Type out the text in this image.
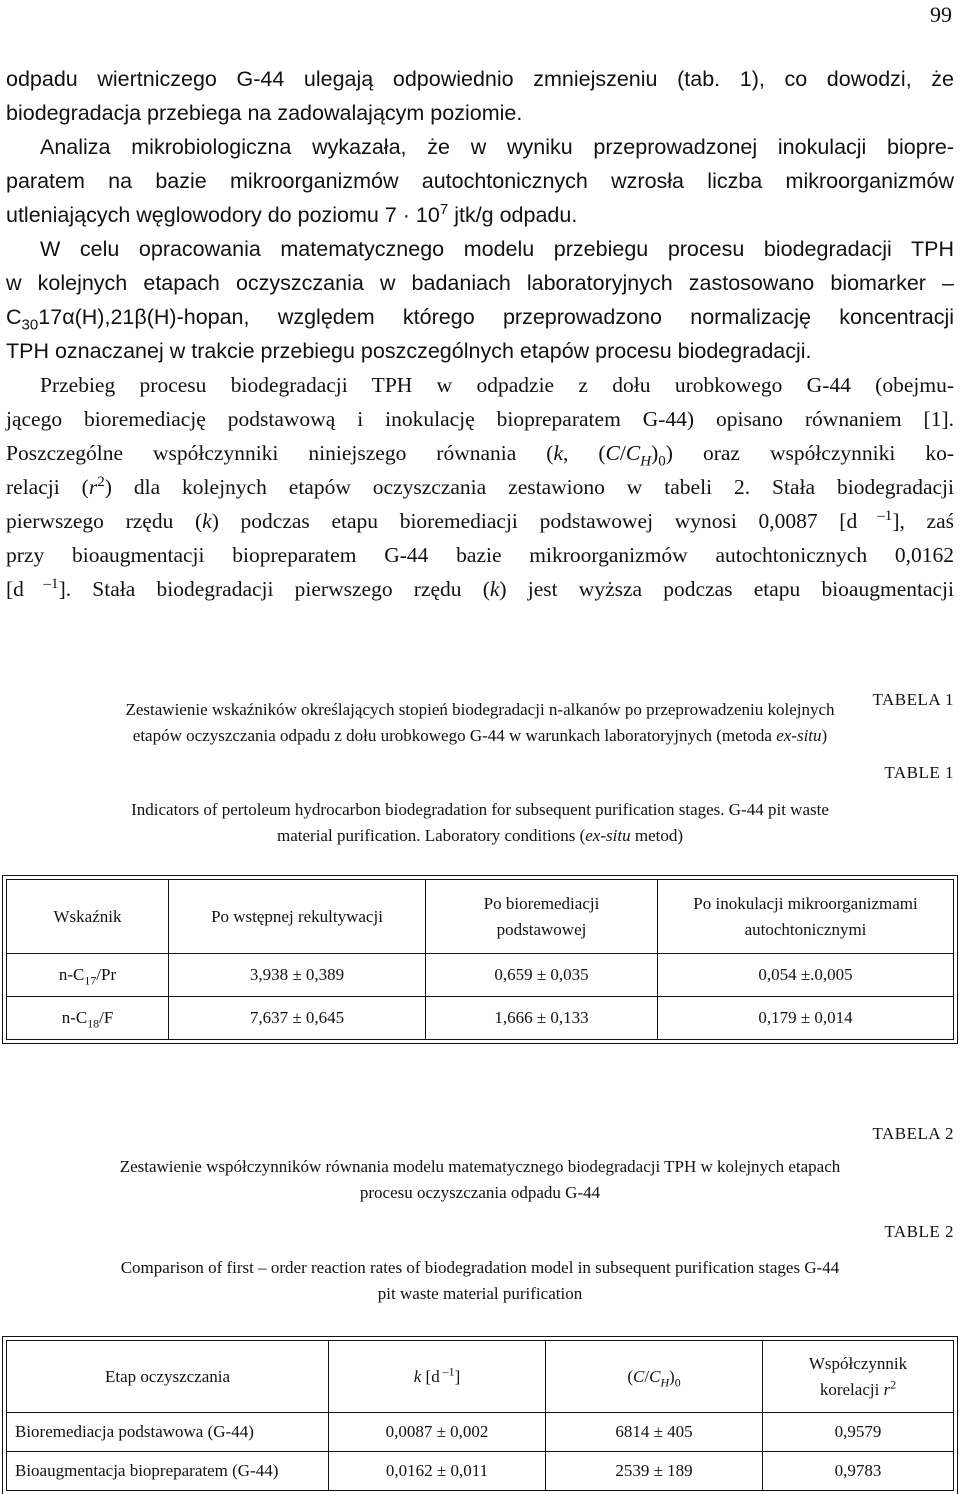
99

odpadu wiertniczego G-44 ulegają odpowiednio zmniejszeniu (tab. 1), co dowodzi, że

biodegradacja przebiega na zadowalającym poziomie.

Analiza mikrobiologiczna wykazała, że w wyniku przeprowadzonej inokulacji biopre-

paratem na bazie mikroorganizmów autochtonicznych wzrosła liczba mikroorganizmów

utleniających węglowodory do poziomu $7 \cdot 10^7$ jtk/g odpadu.

W celu opracowania matematycznego modelu przebiegu procesu biodegradacji TPH

w kolejnych etapach oczyszczania w badaniach laboratoryjnych zastosowano biomarker –

$C_{30}17\alpha(H),21\beta(H)$-hopan, względem którego przeprowadzono normalizację koncentracji

TPH oznaczanej w trakcie przebiegu poszczególnych etapów procesu biodegradacji.

Przebieg procesu biodegradacji TPH w odpadzie z dołu urobkowego G-44 (obejmu-

jącego bioremediację podstawową i inokulację biopreparatem G-44) opisano równaniem [1].

Poszczególne współczynniki niniejszego równania (k, $(C/C_H)_0$) oraz współczynniki ko-

relacji $(r^2)$ dla kolejnych etapów oczyszczania zestawiono w tabeli 2. Stała biodegradacji

pierwszego rzędu (k) podczas etapu bioremediacji podstawowej wynosi 0,0087 [d $^{-1}$], zaś

przy bioaugmentacji biopreparatem G-44 bazie mikroorganizmów autochtonicznych 0,0162

[d $^{-1}$]. Stała biodegradacji pierwszego rzędu (k) jest wyższa podczas etapu bioaugmentacji

TABELA 1
Zestawienie wskaźników określających stopień biodegradacji n-alkanów po przeprowadzeniu kolejnych
etapów oczyszczania odpadu z dołu urobkowego G-44 w warunkach laboratoryjnych (metoda ex-situ)
TABLE 1
Indicators of pertoleum hydrocarbon biodegradation for subsequent purification stages. G-44 pit waste
material purification. Laboratory conditions (ex-situ metod)
Wskaźnik	Po wstępnej rekultywacji	Po bioremediacji
podstawowej	Po inokulacji mikroorganizmami
autochtonicznymi
$n-C_{17}/Pr$	3,938 ± 0,389	0,659 ± 0,035	0,054 ±.0,005
$n-C_{18}/F$	7,637 ± 0,645	1,666 ± 0,133	0,179 ± 0,014
TABELA 2
Zestawienie współczynników równania modelu matematycznego biodegradacji TPH w kolejnych etapach
procesu oczyszczania odpadu G-44
TABLE 2
Comparison of first – order reaction rates of biodegradation model in subsequent purification stages G-44
pit waste material purification
Etap oczyszczania	k [d $^{-1}$]	$(C/C_H)_0$	Współczynnik
korelacji $r^2$
Bioremediacja podstawowa (G-44)	0,0087 ± 0,002	6814 ± 405	0,9579
Bioaugmentacja biopreparatem (G-44)	0,0162 ± 0,011	2539 ± 189	0,9783
